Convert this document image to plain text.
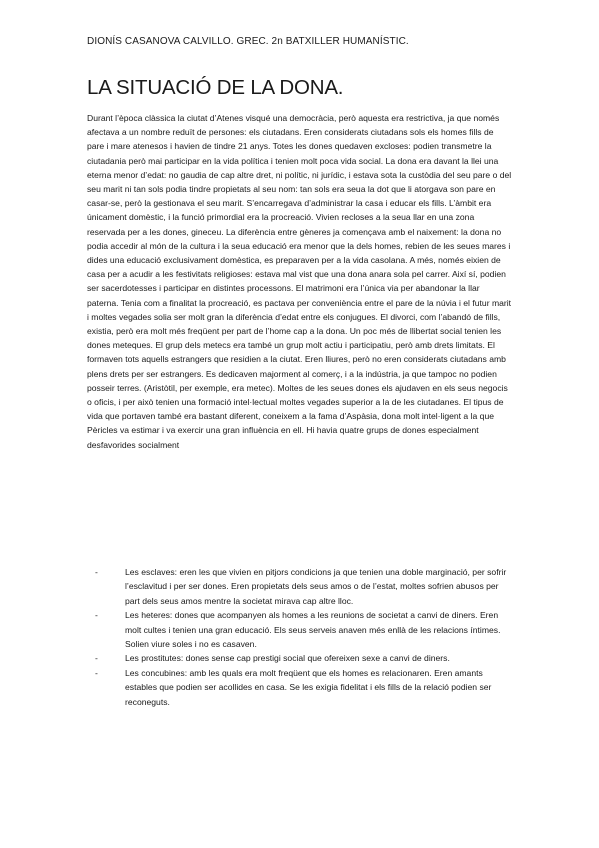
DIONÍS CASANOVA CALVILLO. GREC. 2n BATXILLER HUMANÍSTIC.
LA SITUACIÓ DE LA DONA.

Durant l’època clàssica la ciutat d’Atenes visqué una democràcia, però aquesta era restrictiva, ja que només afectava a un nombre reduït de persones: els ciutadans. Eren considerats ciutadans sols els homes fills de pare i mare atenesos i havien de tindre 21 anys. Totes les dones quedaven excloses: podien transmetre la ciutadania però mai participar en la vida política i tenien molt poca vida social. La dona era davant la llei una eterna menor d’edat: no gaudia de cap altre dret, ni polític, ni jurídic, i estava sota la custòdia del seu pare o del seu marit ni tan sols podia tindre propietats al seu nom: tan sols era seua la dot que li atorgava son pare en casar-se, però la gestionava el seu marit. S’encarregava d’administrar la casa i educar els fills. L’àmbit era únicament domèstic, i la funció primordial era la procreació. Vivien recloses a la seua llar en una zona reservada per a les dones, gineceu. La diferència entre gèneres ja començava amb el naixement: la dona no podia accedir al món de la cultura i la seua educació era menor que la dels homes, rebien de les seues mares i dides una educació exclusivament domèstica, es preparaven per a la vida casolana. A més, només eixien de casa per a acudir a les festivitats religioses: estava mal vist que una dona anara sola pel carrer. Així sí, podien ser sacerdotesses i participar en distintes processons. El matrimoni era l’única via per abandonar la llar paterna. Tenia com a finalitat la procreació, es pactava per conveniència entre el pare de la núvia i el futur marit i moltes vegades solia ser molt gran la diferència d’edat entre els conjugues. El divorci, com l’abandó de fills, existia, però era molt més freqüent per part de l’home cap a la dona. Un poc més de llibertat social tenien les dones meteques. El grup dels metecs era també un grup molt actiu i participatiu, però amb drets limitats. El formaven tots aquells estrangers que residien a la ciutat. Eren lliures, però no eren considerats ciutadans amb plens drets per ser estrangers. Es dedicaven majorment al comerç, i a la indústria, ja que tampoc no podien posseir terres. (Aristòtil, per exemple, era metec). Moltes de les seues dones els ajudaven en els seus negocis o oficis, i per això tenien una formació intel·lectual moltes vegades superior a la de les ciutadanes. El tipus de vida que portaven també era bastant diferent, coneixem a la fama d’Aspàsia, dona molt intel·ligent a la que Pèricles va estimar i va exercir una gran influència en ell. Hi havia quatre grups de dones especialment desfavorides socialment

-	Les esclaves: eren les que vivien en pitjors condicions ja que tenien una doble marginació, per sofrir l’esclavitud i per ser dones. Eren propietats dels seus amos o de l’estat, moltes sofrien abusos per part dels seus amos mentre la societat mirava cap altre lloc.
-	Les heteres: dones que acompanyen als homes a les reunions de societat a canvi de diners. Eren molt cultes i tenien una gran educació. Els seus serveis anaven més enllà de les relacions íntimes. Solien viure soles i no es casaven.
-	Les prostitutes: dones sense cap prestigi social que ofereixen sexe a canvi de diners.
-	Les concubines: amb les quals era molt freqüent que els homes es relacionaren. Eren amants estables que podien ser acollides en casa. Se les exigia fidelitat i els fills de la relació podien ser reconeguts.
